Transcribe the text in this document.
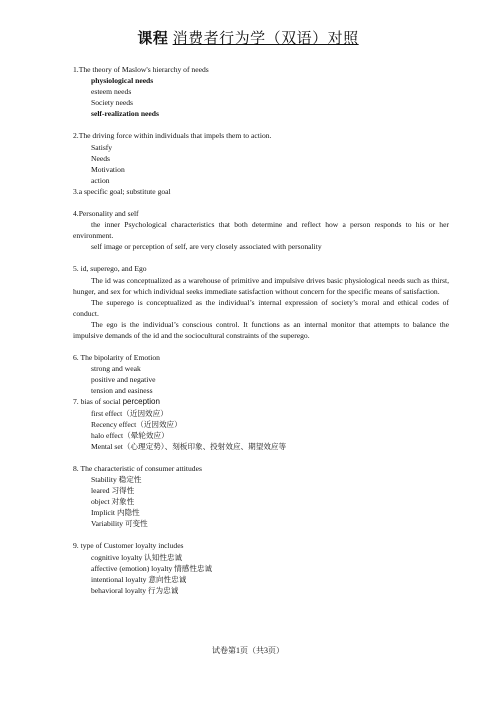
课程 消费者行为学（双语）对照
1.The theory of Maslow's hierarchy of needs
physiological needs
esteem needs
Society needs
self-realization needs
2.The driving force within individuals that impels them to action.
Satisfy
Needs
Motivation
action
3.a specific goal; substitute goal
4.Personality and self
the inner Psychological characteristics that both determine and reflect how a person responds to his or her environment.
self image or perception of self, are very closely associated with personality
5. id, superego, and Ego
The id was conceptualized as a warehouse of primitive and impulsive drives basic physiological needs such as thirst, hunger, and sex for which individual seeks immediate satisfaction without concern for the specific means of satisfaction.
The superego is conceptualized as the individual’s internal expression of society’s moral and ethical codes of conduct.
The ego is the individual’s conscious control. It functions as an internal monitor that attempts to balance the impulsive demands of the id and the sociocultural constraints of the superego.
6. The bipolarity of Emotion
strong and weak
positive and negative
tension and easiness
7. bias of social perception
first effect（近因效应）
Recency effect（近因效应）
halo effect（晕轮效应）
Mental set（心理定势）、刻板印象、投射效应、期望效应等
8. The characteristic of consumer attitudes
Stability 稳定性
leared 习得性
object 对象性
Implicit 内隐性
Variability 可变性
9. type of Customer loyalty includes
cognitive loyalty 认知性忠诚
affective (emotion) loyalty 情感性忠诚
intentional loyalty 意向性忠诚
behavioral loyalty 行为忠诚
试卷第1页（共3页）
